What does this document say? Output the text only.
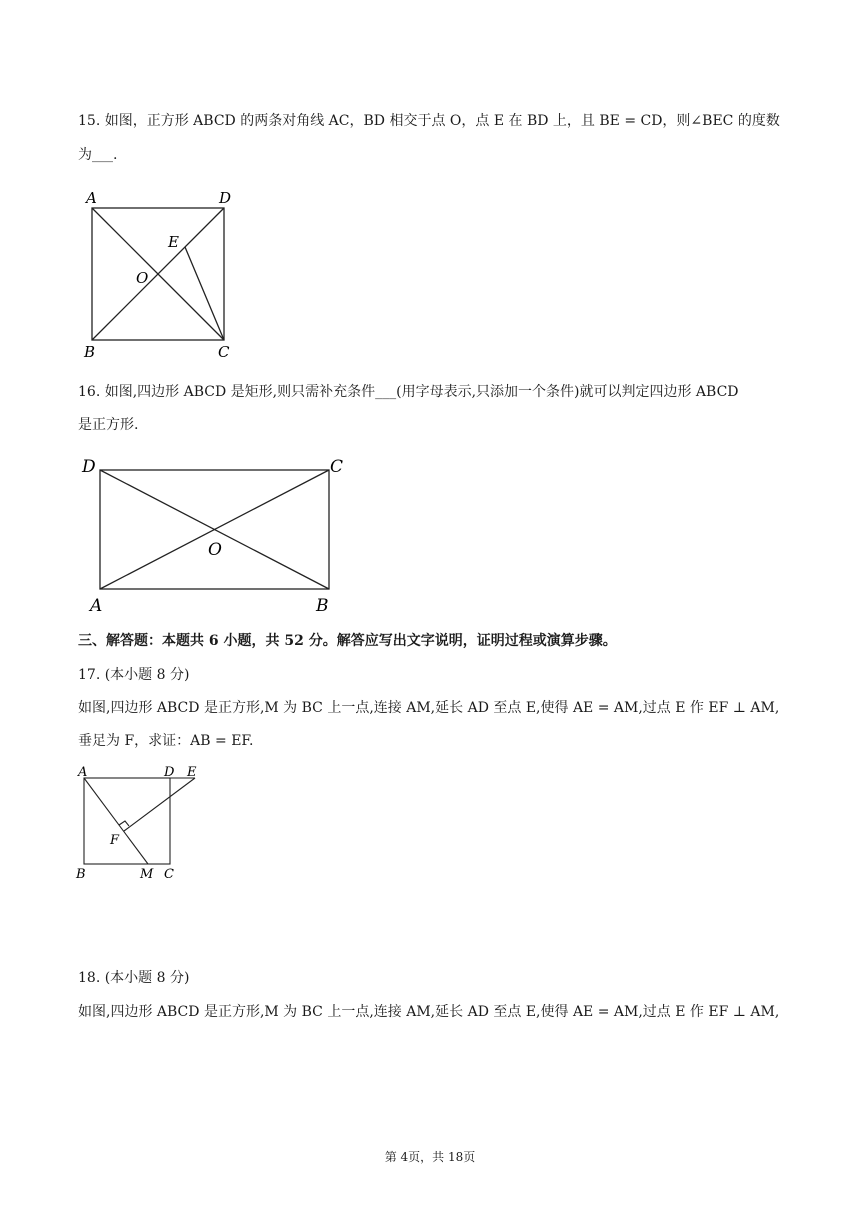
15. 如图，正方形 ABCD 的两条对角线 AC，BD 相交于点 O，点 E 在 BD 上，且 BE = CD，则∠BEC 的度数
为___.
A	D
E
O
B	C
16. 如图,四边形 ABCD 是矩形,则只需补充条件___(用字母表示,只添加一个条件)就可以判定四边形 ABCD
是正方形.
D	C
O
A	B
三、解答题：本题共 6 小题，共 52 分。解答应写出文字说明，证明过程或演算步骤。
17. (本小题 8 分)
如图,四边形 ABCD 是正方形,M 为 BC 上一点,连接 AM,延长 AD 至点 E,使得 AE = AM,过点 E 作 EF ⊥ AM,
垂足为 F，求证：AB = EF.
A	D E
F
B	M C
18. (本小题 8 分)
如图,四边形 ABCD 是正方形,M 为 BC 上一点,连接 AM,延长 AD 至点 E,使得 AE = AM,过点 E 作 EF ⊥ AM,
第 4页，共 18页
